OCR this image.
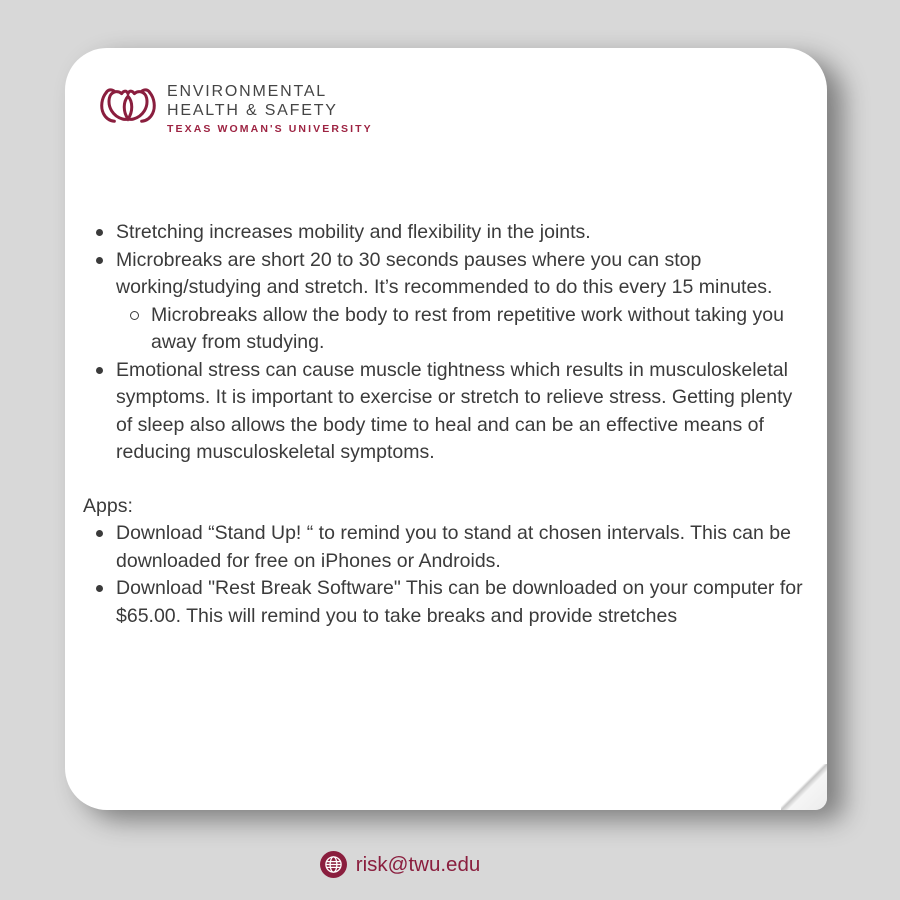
ENVIRONMENTAL
HEALTH & SAFETY
TEXAS WOMAN'S UNIVERSITY
Stretching increases mobility and flexibility in the joints.
Microbreaks are short 20 to 30 seconds pauses where you can stop working/studying and stretch. It’s recommended to do this every 15 minutes.
Microbreaks allow the body to rest from repetitive work without taking you away from studying.
Emotional stress can cause muscle tightness which results in musculoskeletal symptoms. It is important to exercise or stretch to relieve stress. Getting plenty of sleep also allows the body time to heal and can be an effective means of reducing musculoskeletal symptoms.
Apps:
Download “Stand Up! “ to remind you to stand at chosen intervals. This can be downloaded for free on iPhones or Androids.
Download "Rest Break Software" This can be downloaded on your computer for $65.00. This will remind you to take breaks and provide stretches
risk@twu.edu
